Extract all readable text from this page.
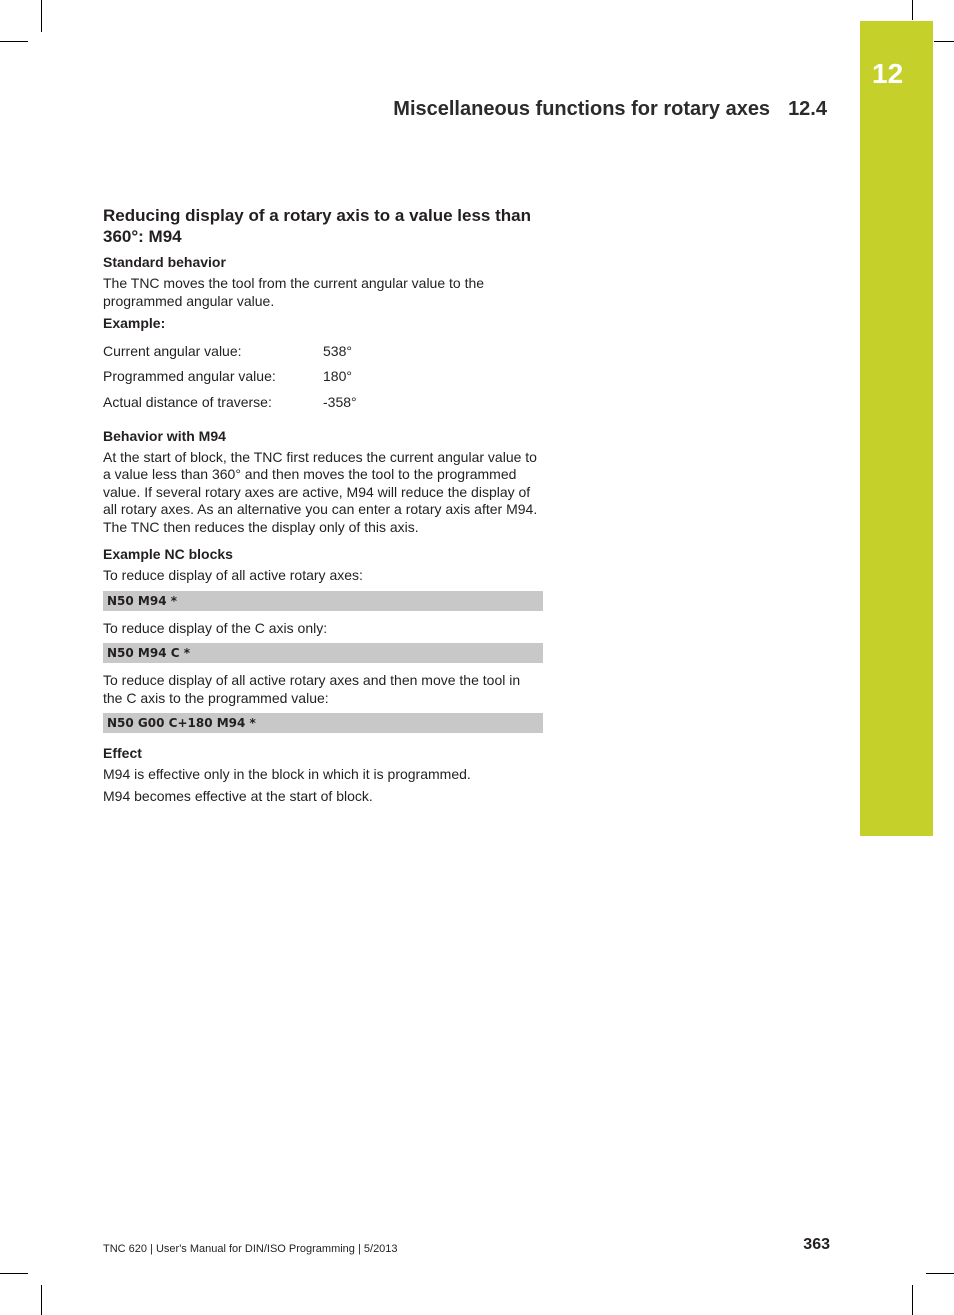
12
Miscellaneous functions for rotary axes 12.4
Reducing display of a rotary axis to a value less than 360°: M94
Standard behavior
The TNC moves the tool from the current angular value to the programmed angular value.
Example:
Current angular value:	538°
Programmed angular value:	180°
Actual distance of traverse:	-358°
Behavior with M94
At the start of block, the TNC first reduces the current angular value to a value less than 360° and then moves the tool to the programmed value. If several rotary axes are active, M94 will reduce the display of all rotary axes. As an alternative you can enter a rotary axis after M94. The TNC then reduces the display only of this axis.
Example NC blocks
To reduce display of all active rotary axes:
N50 M94 *
To reduce display of the C axis only:
N50 M94 C *
To reduce display of all active rotary axes and then move the tool in the C axis to the programmed value:
N50 G00 C+180 M94 *
Effect
M94 is effective only in the block in which it is programmed.
M94 becomes effective at the start of block.
TNC 620 | User's Manual for DIN/ISO Programming | 5/2013	363
